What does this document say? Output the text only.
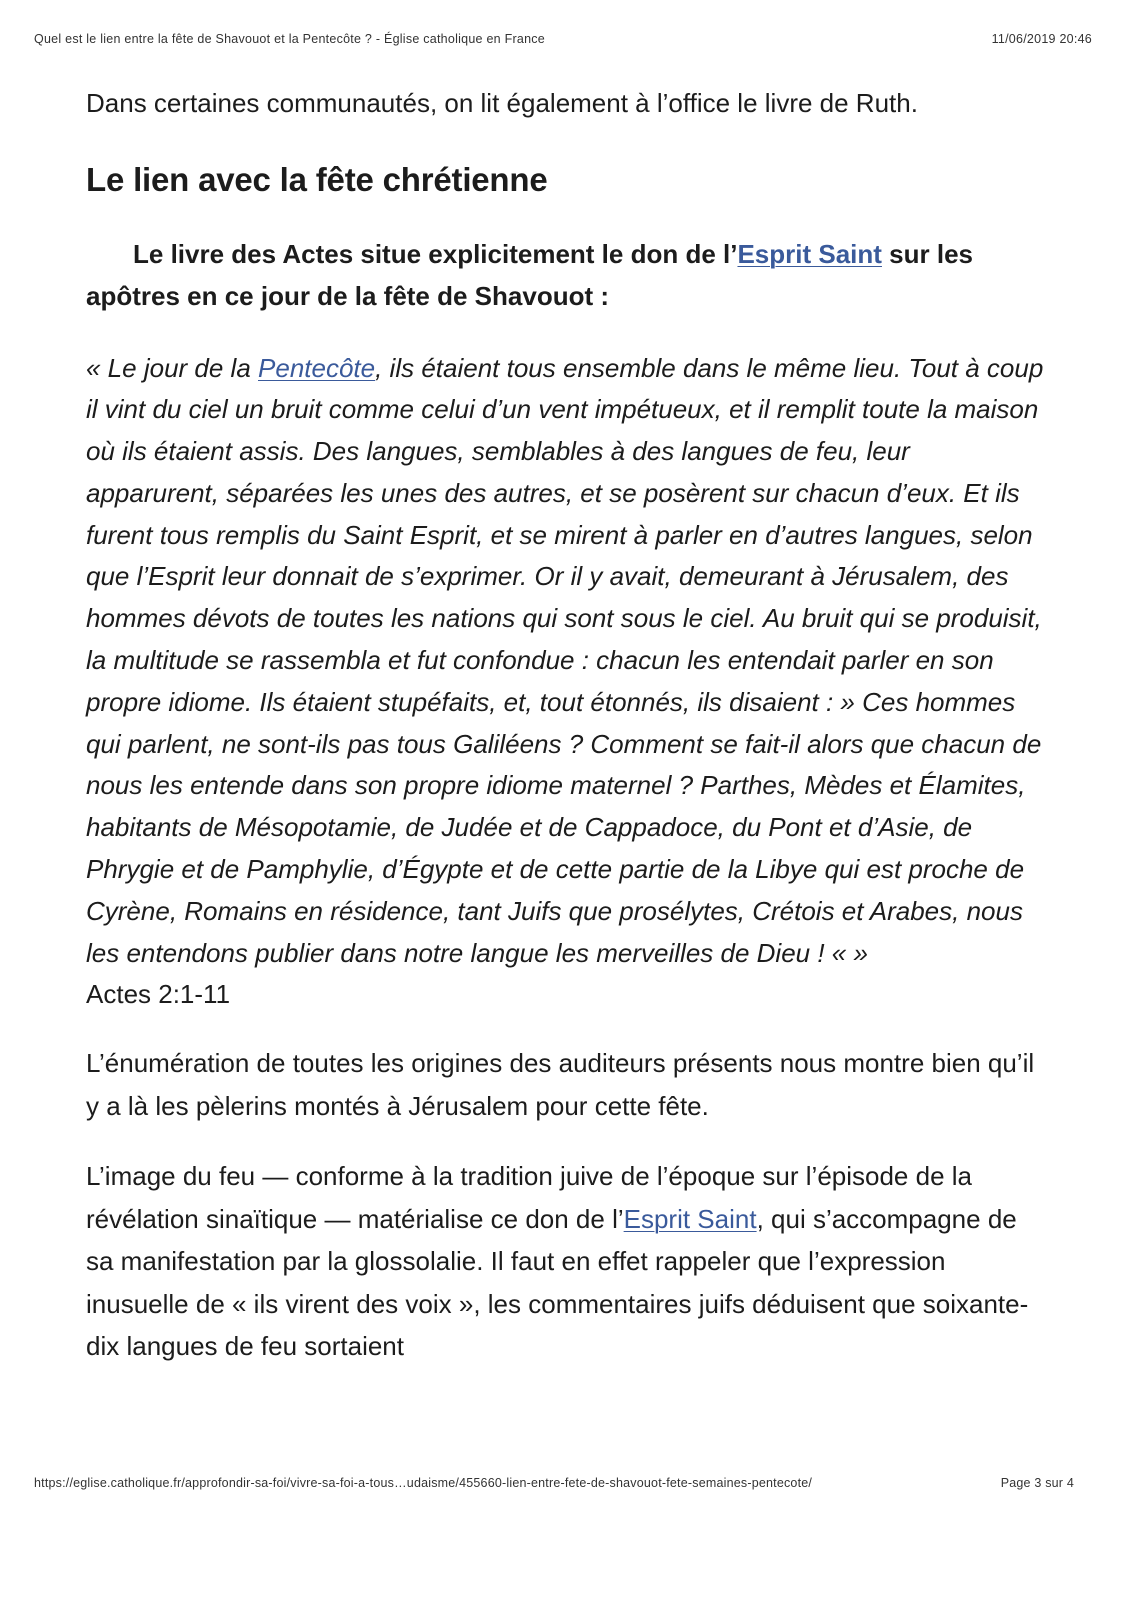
Quel est le lien entre la fête de Shavouot et la Pentecôte ? - Église catholique en France	11/06/2019 20:46

Dans certaines communautés, on lit également à l’office le livre de Ruth.

Le lien avec la fête chrétienne

Le livre des Actes situe explicitement le don de l’Esprit Saint sur les apôtres en ce jour de la fête de Shavouot :

« Le jour de la Pentecôte, ils étaient tous ensemble dans le même lieu. Tout à coup il vint du ciel un bruit comme celui d’un vent impétueux, et il remplit toute la maison où ils étaient assis. Des langues, semblables à des langues de feu, leur apparurent, séparées les unes des autres, et se posèrent sur chacun d’eux. Et ils furent tous remplis du Saint Esprit, et se mirent à parler en d’autres langues, selon que l’Esprit leur donnait de s’exprimer. Or il y avait, demeurant à Jérusalem, des hommes dévots de toutes les nations qui sont sous le ciel. Au bruit qui se produisit, la multitude se rassembla et fut confondue : chacun les entendait parler en son propre idiome. Ils étaient stupéfaits, et, tout étonnés, ils disaient : » Ces hommes qui parlent, ne sont-ils pas tous Galiléens ? Comment se fait-il alors que chacun de nous les entende dans son propre idiome maternel ? Parthes, Mèdes et Élamites, habitants de Mésopotamie, de Judée et de Cappadoce, du Pont et d’Asie, de Phrygie et de Pamphylie, d’Égypte et de cette partie de la Libye qui est proche de Cyrène, Romains en résidence, tant Juifs que prosélytes, Crétois et Arabes, nous les entendons publier dans notre langue les merveilles de Dieu ! « »

Actes 2:1-11

L’énumération de toutes les origines des auditeurs présents nous montre bien qu’il y a là les pèlerins montés à Jérusalem pour cette fête.

L’image du feu — conforme à la tradition juive de l’époque sur l’épisode de la révélation sinaïtique — matérialise ce don de l’Esprit Saint, qui s’accompagne de sa manifestation par la glossolalie. Il faut en effet rappeler que l’expression inusuelle de « ils virent des voix », les commentaires juifs déduisent que soixante-dix langues de feu sortaient

https://eglise.catholique.fr/approfondir-sa-foi/vivre-sa-foi-a-tous…udaisme/455660-lien-entre-fete-de-shavouot-fete-semaines-pentecote/	Page 3 sur 4
